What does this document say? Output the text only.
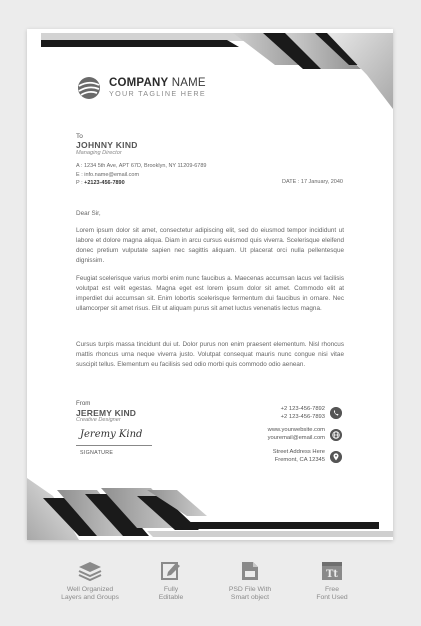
COMPANY NAME
YOUR TAGLINE HERE
To
JOHNNY KIND
Managing Director
A : 1234 5th Ave, APT 67D, Brooklyn, NY 11209-6789
E : info.name@email.com
P : +2123-456-7890	DATE : 17 January, 2040
Dear Sir,
Lorem ipsum dolor sit amet, consectetur adipiscing elit, sed do eiusmod tempor incididunt ut labore et dolore magna aliqua. Diam in arcu cursus euismod quis viverra. Scelerisque eleifend donec pretium vulputate sapien nec sagittis aliquam. Ut placerat orci nulla pellentesque dignissim.
Feugiat scelerisque varius morbi enim nunc faucibus a. Maecenas accumsan lacus vel facilisis volutpat est velit egestas. Magna eget est lorem ipsum dolor sit amet. Commodo elit at imperdiet dui accumsan sit. Enim lobortis scelerisque fermentum dui faucibus in ornare. Nec ullamcorper sit amet risus. Elit ut aliquam purus sit amet luctus venenatis lectus magna.
Cursus turpis massa tincidunt dui ut. Dolor purus non enim praesent elementum. Nisl rhoncus mattis rhoncus urna neque viverra justo. Volutpat consequat mauris nunc congue nisi vitae suscipit tellus. Elementum eu facilisis sed odio morbi quis commodo odio aenean.
From
JEREMY KIND
Creative Designer
Jeremy Kind
SIGNATURE
+2 123-456-7892
+2 123-456-7893
www.yourwebsite.com
youremail@email.com
Street Address Here
Fremont, CA 12345
Well Organized
Layers and Groups
Fully
Editable
PSD File With
Smart object
Tt
Free
Font Used
